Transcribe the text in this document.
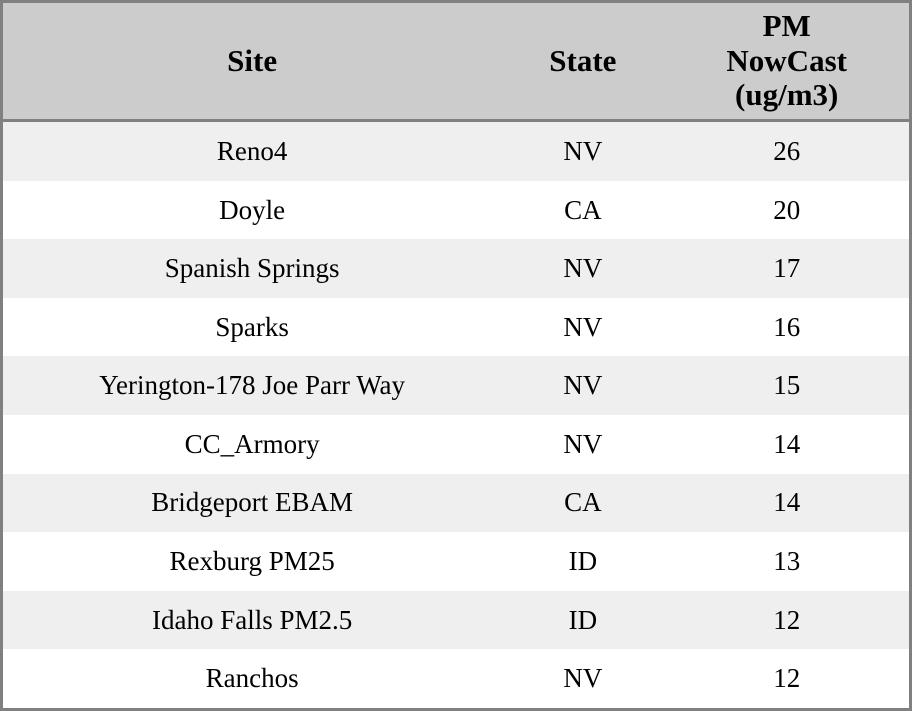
Site	State	PM
NowCast
(ug/m3)

Reno4	NV	26
Doyle	CA	20
Spanish Springs	NV	17
Sparks	NV	16
Yerington-178 Joe Parr Way	NV	15
CC_Armory	NV	14
Bridgeport EBAM	CA	14
Rexburg PM25	ID	13
Idaho Falls PM2.5	ID	12
Ranchos	NV	12
